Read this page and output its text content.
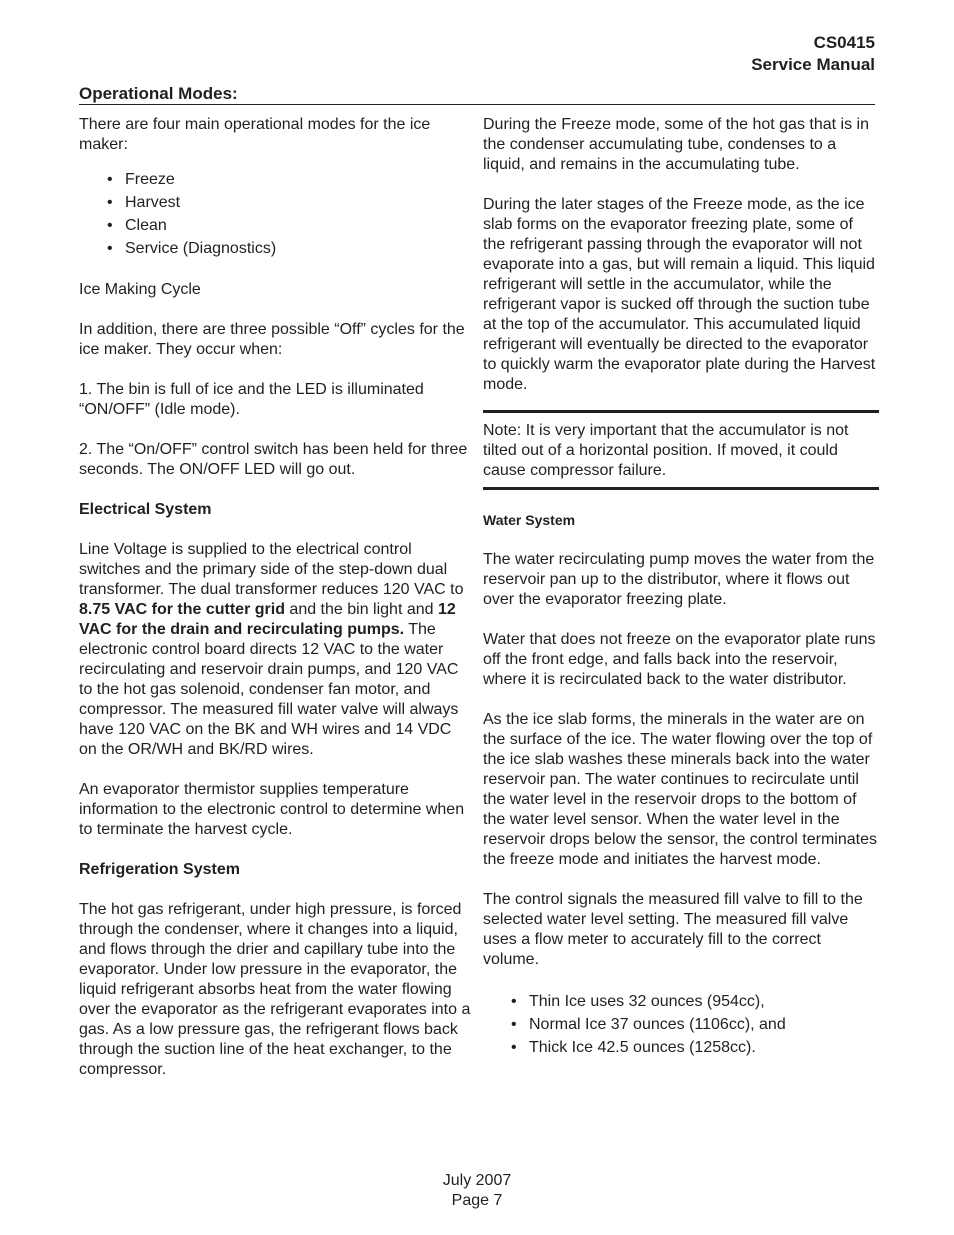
CS0415
Service Manual
Operational Modes:

There are four main operational modes for the ice maker:

• Freeze
• Harvest
• Clean
• Service (Diagnostics)

Ice Making Cycle

In addition, there are three possible “Off” cycles for the ice maker. They occur when:

1. The bin is full of ice and the LED is illuminated “ON/OFF” (Idle mode).

2. The “On/OFF” control switch has been held for three seconds. The ON/OFF LED will go out.

Electrical System

Line Voltage is supplied to the electrical control switches and the primary side of the step-down dual transformer. The dual transformer reduces 120 VAC to 8.75 VAC for the cutter grid and the bin light and 12 VAC for the drain and recirculating pumps. The electronic control board directs 12 VAC to the water recirculating and reservoir drain pumps, and 120 VAC to the hot gas solenoid, condenser fan motor, and compressor. The measured fill water valve will always have 120 VAC on the BK and WH wires and 14 VDC on the OR/WH and BK/RD wires.

An evaporator thermistor supplies temperature information to the electronic control to determine when to terminate the harvest cycle.

Refrigeration System

The hot gas refrigerant, under high pressure, is forced through the condenser, where it changes into a liquid, and flows through the drier and capillary tube into the evaporator. Under low pressure in the evaporator, the liquid refrigerant absorbs heat from the water flowing over the evaporator as the refrigerant evaporates into a gas. As a low pressure gas, the refrigerant flows back through the suction line of the heat exchanger, to the compressor.

During the Freeze mode, some of the hot gas that is in the condenser accumulating tube, condenses to a liquid, and remains in the accumulating tube.

During the later stages of the Freeze mode, as the ice slab forms on the evaporator freezing plate, some of the refrigerant passing through the evaporator will not evaporate into a gas, but will remain a liquid. This liquid refrigerant will settle in the accumulator, while the refrigerant vapor is sucked off through the suction tube at the top of the accumulator. This accumulated liquid refrigerant will eventually be directed to the evaporator to quickly warm the evaporator plate during the Harvest mode.

Note: It is very important that the accumulator is not tilted out of a horizontal position. If moved, it could cause compressor failure.

Water System

The water recirculating pump moves the water from the reservoir pan up to the distributor, where it flows out over the evaporator freezing plate.

Water that does not freeze on the evaporator plate runs off the front edge, and falls back into the reservoir, where it is recirculated back to the water distributor.

As the ice slab forms, the minerals in the water are on the surface of the ice. The water flowing over the top of the ice slab washes these minerals back into the water reservoir pan. The water continues to recirculate until the water level in the reservoir drops to the bottom of the water level sensor. When the water level in the reservoir drops below the sensor, the control terminates the freeze mode and initiates the harvest mode.

The control signals the measured fill valve to fill to the selected water level setting. The measured fill valve uses a flow meter to accurately fill to the correct volume.

• Thin Ice uses 32 ounces (954cc),
• Normal Ice 37 ounces (1106cc), and
• Thick Ice 42.5 ounces (1258cc).
July 2007
Page 7
